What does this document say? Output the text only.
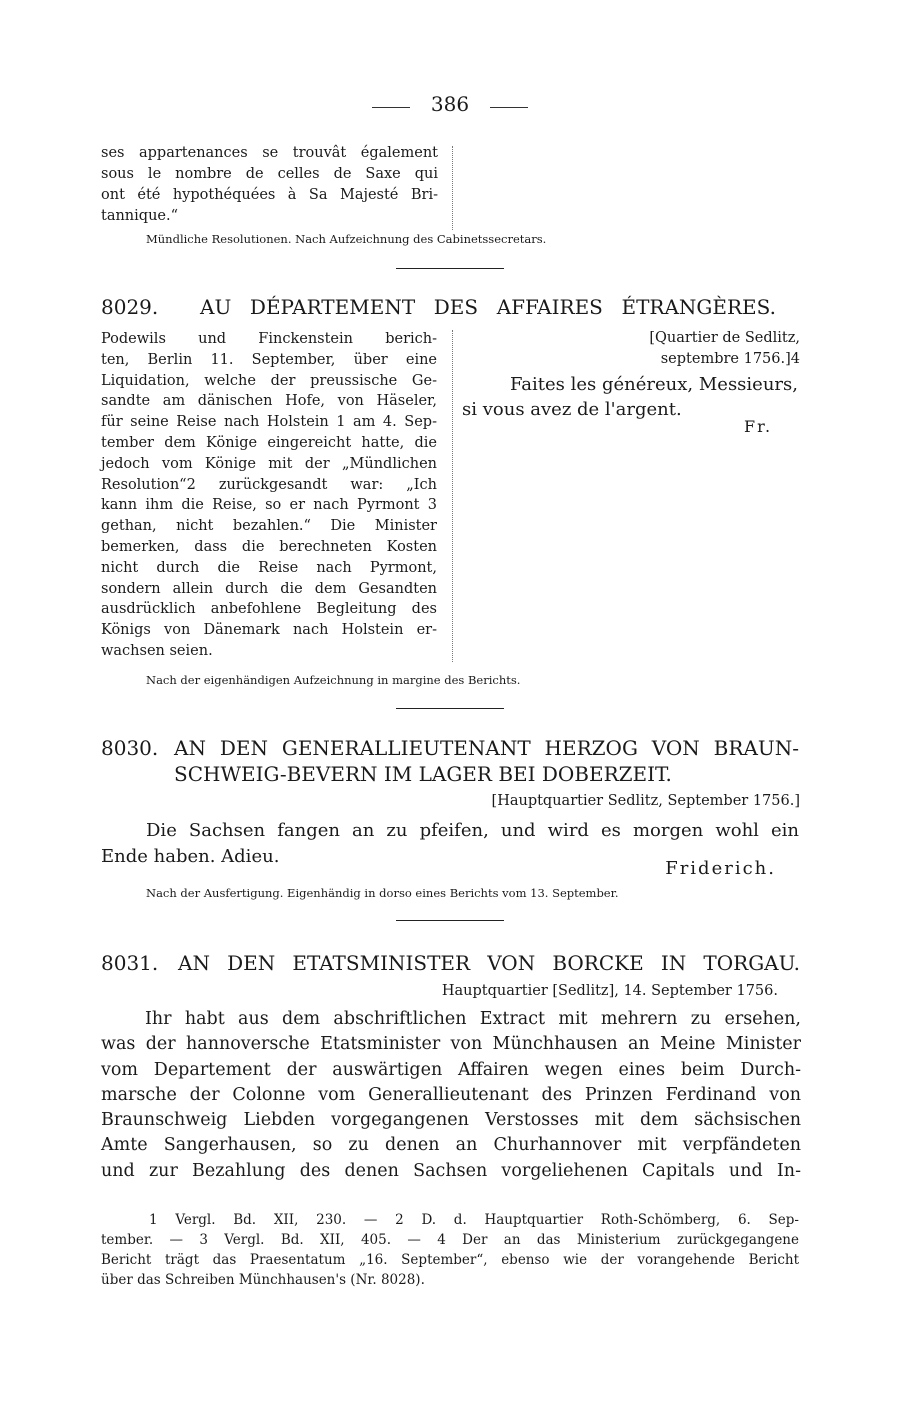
386
ses appartenances se trouvât également
sous le nombre de celles de Saxe qui
ont été hypothéquées à Sa Majesté Bri-
tannique.“
Mündliche Resolutionen. Nach Aufzeichnung des Cabinetssecretars.
8029. AU DÉPARTEMENT DES AFFAIRES ÉTRANGÈRES.
Podewils und Finckenstein berich-
ten, Berlin 11. September, über eine
Liquidation, welche der preussische Ge-
sandte am dänischen Hofe, von Häseler,
für seine Reise nach Holstein 1 am 4. Sep-
tember dem Könige eingereicht hatte, die
jedoch vom Könige mit der „Mündlichen
Resolution“2 zurückgesandt war: „Ich
kann ihm die Reise, so er nach Pyrmont 3
gethan, nicht bezahlen.“ Die Minister
bemerken, dass die berechneten Kosten
nicht durch die Reise nach Pyrmont,
sondern allein durch die dem Gesandten
ausdrücklich anbefohlene Begleitung des
Königs von Dänemark nach Holstein er-
wachsen seien.
[Quartier de Sedlitz,
septembre 1756.]4
Faites les généreux, Messieurs,
si vous avez de l'argent.
Fr.
Nach der eigenhändigen Aufzeichnung in margine des Berichts.
8030. AN DEN GENERALLIEUTENANT HERZOG VON BRAUN-
SCHWEIG-BEVERN IM LAGER BEI DOBERZEIT.
[Hauptquartier Sedlitz, September 1756.]
Die Sachsen fangen an zu pfeifen, und wird es morgen wohl ein
Ende haben. Adieu.
Friderich.
Nach der Ausfertigung. Eigenhändig in dorso eines Berichts vom 13. September.
8031. AN DEN ETATSMINISTER VON BORCKE IN TORGAU.
Hauptquartier [Sedlitz], 14. September 1756.
Ihr habt aus dem abschriftlichen Extract mit mehrern zu ersehen,
was der hannoversche Etatsminister von Münchhausen an Meine Minister
vom Departement der auswärtigen Affairen wegen eines beim Durch-
marsche der Colonne vom Generallieutenant des Prinzen Ferdinand von
Braunschweig Liebden vorgegangenen Verstosses mit dem sächsischen
Amte Sangerhausen, so zu denen an Churhannover mit verpfändeten
und zur Bezahlung des denen Sachsen vorgeliehenen Capitals und In-
1 Vergl. Bd. XII, 230. — 2 D. d. Hauptquartier Roth-Schömberg, 6. Sep-
tember. — 3 Vergl. Bd. XII, 405. — 4 Der an das Ministerium zurückgegangene
Bericht trägt das Praesentatum „16. September“, ebenso wie der vorangehende Bericht
über das Schreiben Münchhausen's (Nr. 8028).
